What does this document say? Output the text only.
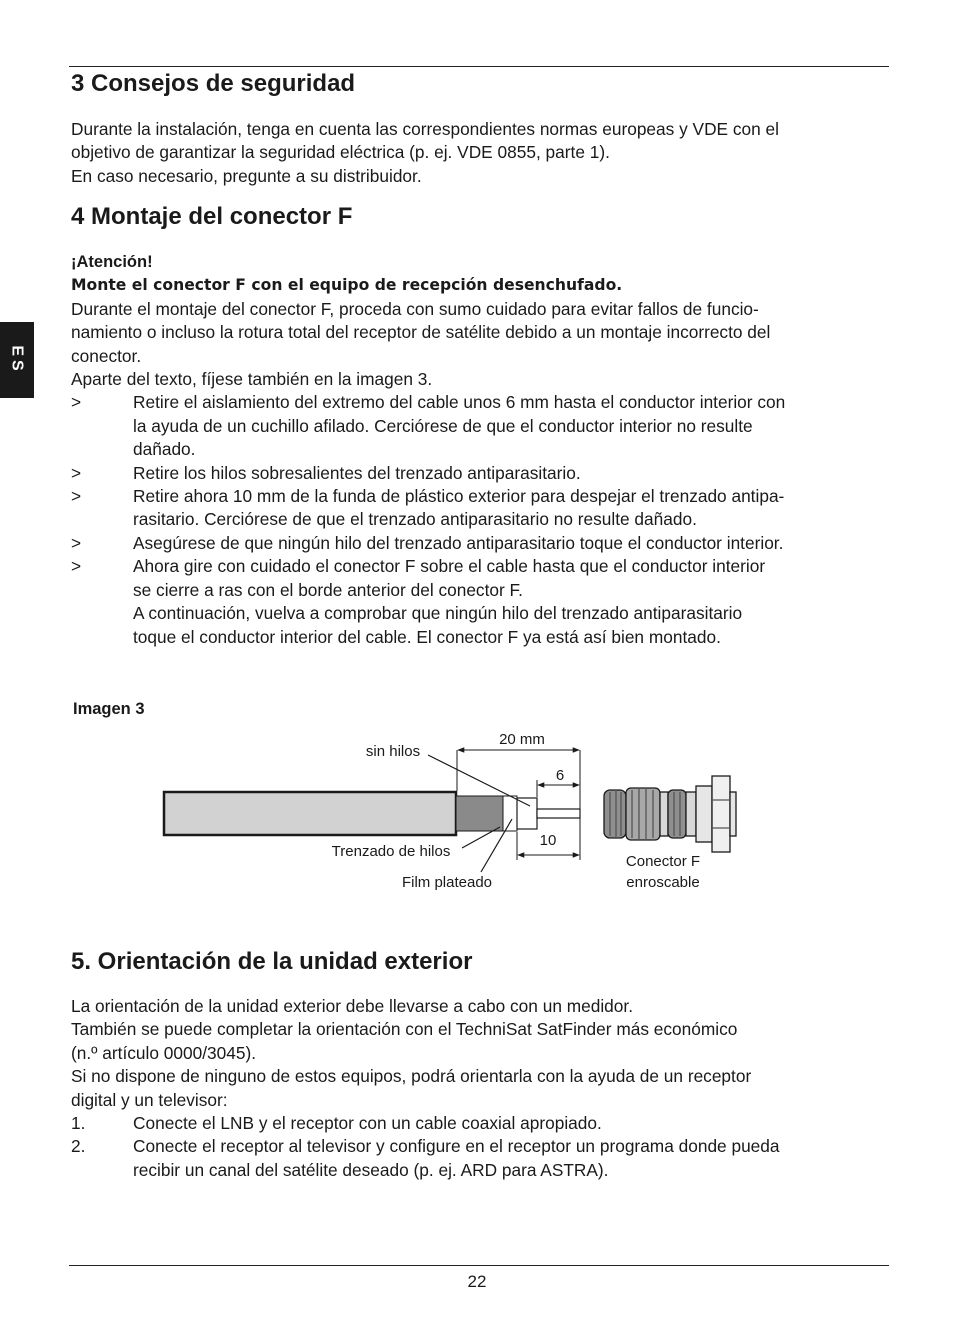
ES
3 Consejos de seguridad
Durante la instalación, tenga en cuenta las correspondientes normas europeas y VDE con el
objetivo de garantizar la seguridad eléctrica (p. ej. VDE 0855, parte 1).
En caso necesario, pregunte a su distribuidor.
4 Montaje del conector F
¡Atención!
Monte el conector F con el equipo de recepción desenchufado.
Durante el montaje del conector F, proceda con sumo cuidado para evitar fallos de funcio-
namiento o incluso la rotura total del receptor de satélite debido a un montaje incorrecto del
conector.
Aparte del texto, fíjese también en la imagen 3.
>	Retire el aislamiento del extremo del cable unos 6 mm hasta el conductor interior con
la ayuda de un cuchillo afilado. Cerciórese de que el conductor interior no resulte
dañado.
>	Retire los hilos sobresalientes del trenzado antiparasitario.
>	Retire ahora 10 mm de la funda de plástico exterior para despejar el trenzado antipa-
rasitario. Cerciórese de que el trenzado antiparasitario no resulte dañado.
>	Asegúrese de que ningún hilo del trenzado antiparasitario toque el conductor interior.
>	Ahora gire con cuidado el conector F sobre el cable hasta que el conductor interior
se cierre a ras con el borde anterior del conector F.
A continuación, vuelva a comprobar que ningún hilo del trenzado antiparasitario
toque el conductor interior del cable. El conector F ya está así bien montado.
Imagen 3
sin hilos
20 mm
6
10
Trenzado de hilos
Film plateado
Conector F
enroscable
5. Orientación de la unidad exterior
La orientación de la unidad exterior debe llevarse a cabo con un medidor.
También se puede completar la orientación con el TechniSat SatFinder más económico
(n.º artículo 0000/3045).
Si no dispone de ninguno de estos equipos, podrá orientarla con la ayuda de un receptor
digital y un televisor:
1.	Conecte el LNB y el receptor con un cable coaxial apropiado.
2.	Conecte el receptor al televisor y configure en el receptor un programa donde pueda
recibir un canal del satélite deseado (p. ej. ARD para ASTRA).
22
